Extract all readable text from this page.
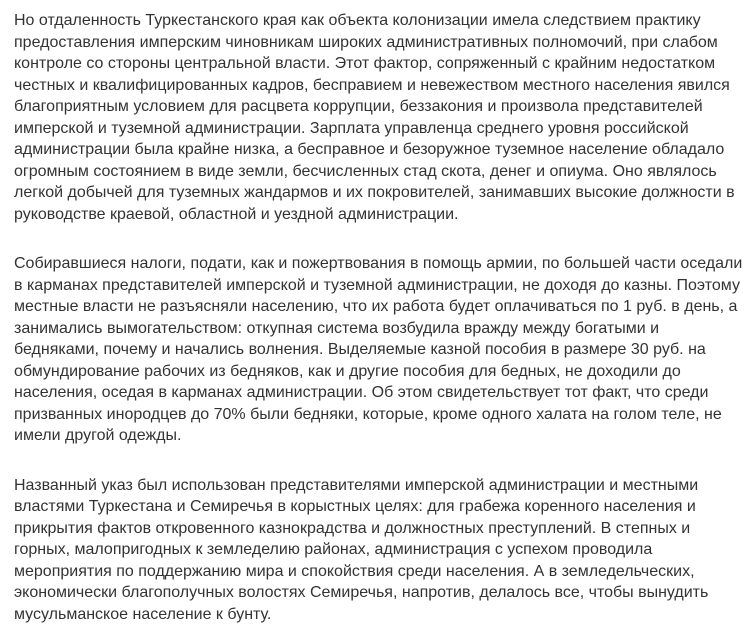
Но отдаленность Туркестанского края как объекта колонизации имела следствием практику
предоставления имперским чиновникам широких административных полномочий, при слабом
контроле со стороны центральной власти. Этот фактор, сопряженный с крайним недостатком
честных и квалифицированных кадров, бесправием и невежеством местного населения явился
благоприятным условием для расцвета коррупции, беззакония и произвола представителей
имперской и туземной администрации. Зарплата управленца среднего уровня российской
администрации была крайне низка, а бесправное и безоружное туземное население обладало
огромным состоянием в виде земли, бесчисленных стад скота, денег и опиума. Оно являлось
легкой добычей для туземных жандармов и их покровителей, занимавших высокие должности в
руководстве краевой, областной и уездной администрации.

Собиравшиеся налоги, подати, как и пожертвования в помощь армии, по большей части оседали
в карманах представителей имперской и туземной администрации, не доходя до казны. Поэтому
местные власти не разъясняли населению, что их работа будет оплачиваться по 1 руб. в день, а
занимались вымогательством: откупная система возбудила вражду между богатыми и
бедняками, почему и начались волнения. Выделяемые казной пособия в размере 30 руб. на
обмундирование рабочих из бедняков, как и другие пособия для бедных, не доходили до
населения, оседая в карманах администрации. Об этом свидетельствует тот факт, что среди
призванных инородцев до 70% были бедняки, которые, кроме одного халата на голом теле, не
имели другой одежды.

Названный указ был использован представителями имперской администрации и местными
властями Туркестана и Семиречья в корыстных целях: для грабежа коренного населения и
прикрытия фактов откровенного казнокрадства и должностных преступлений. В степных и
горных, малопригодных к земледелию районах, администрация с успехом проводила
мероприятия по поддержанию мира и спокойствия среди населения. А в земледельческих,
экономически благополучных волостях Семиречья, напротив, делалось все, чтобы вынудить
мусульманское население к бунту.
